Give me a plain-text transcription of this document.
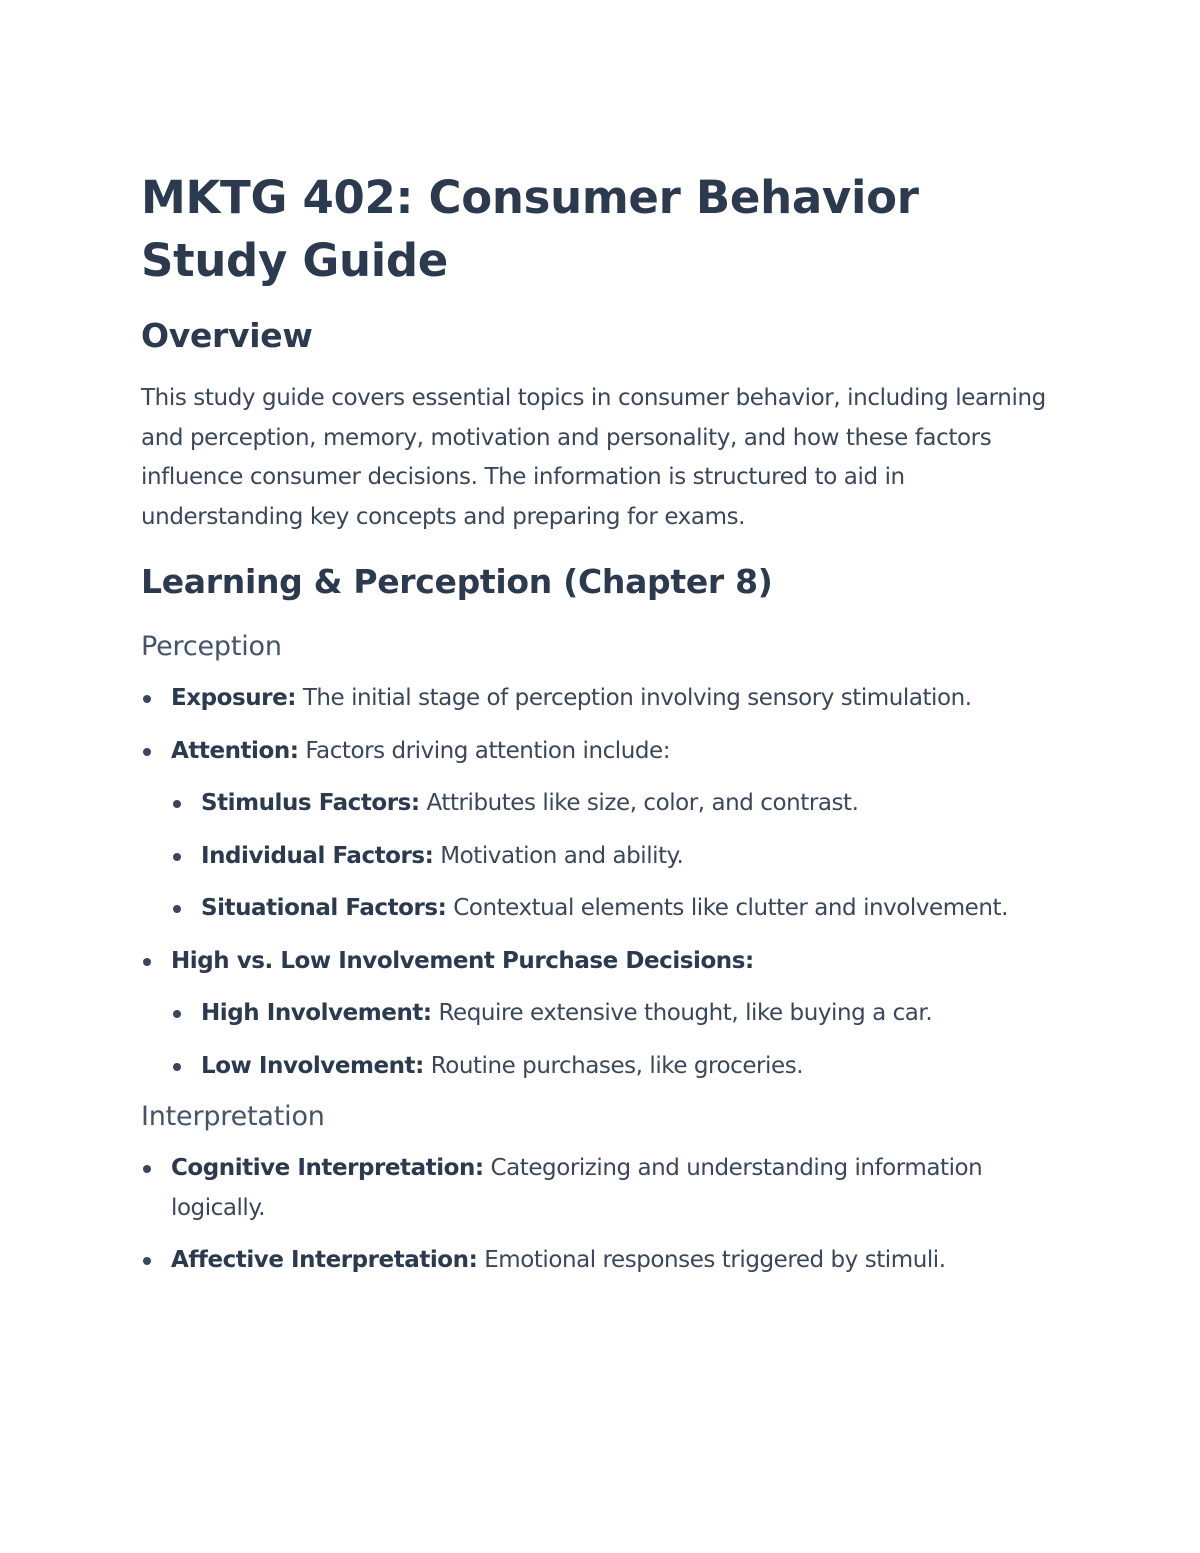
MKTG 402: Consumer Behavior Study Guide
Overview

This study guide covers essential topics in consumer behavior, including learning and perception, memory, motivation and personality, and how these factors influence consumer decisions. The information is structured to aid in understanding key concepts and preparing for exams.

Learning & Perception (Chapter 8)
Perception
Exposure: The initial stage of perception involving sensory stimulation.
Attention: Factors driving attention include:
Stimulus Factors: Attributes like size, color, and contrast.
Individual Factors: Motivation and ability.
Situational Factors: Contextual elements like clutter and involvement.
High vs. Low Involvement Purchase Decisions:
High Involvement: Require extensive thought, like buying a car.
Low Involvement: Routine purchases, like groceries.
Interpretation
Cognitive Interpretation: Categorizing and understanding information logically.
Affective Interpretation: Emotional responses triggered by stimuli.
